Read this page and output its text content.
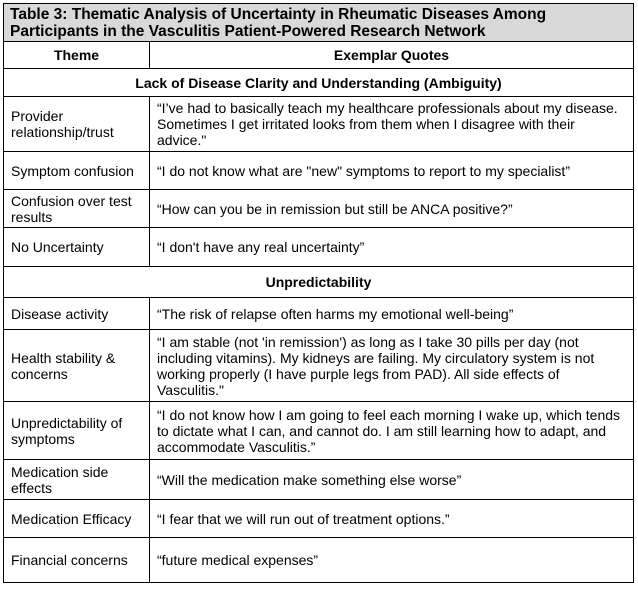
Table 3: Thematic Analysis of Uncertainty in Rheumatic Diseases Among Participants in the Vasculitis Patient-Powered Research Network	
Theme	Exemplar Quotes
Lack of Disease Clarity and Understanding (Ambiguity)	
Provider relationship/trust	“I’ve had to basically teach my healthcare professionals about my disease. Sometimes I get irritated looks from them when I disagree with their advice."
Symptom confusion	“I do not know what are "new" symptoms to report to my specialist”
Confusion over test results	“How can you be in remission but still be ANCA positive?”
No Uncertainty	“I don't have any real uncertainty”
Unpredictability	
Disease activity	“The risk of relapse often harms my emotional well-being”
Health stability & concerns	“I am stable (not 'in remission') as long as I take 30 pills per day (not including vitamins). My kidneys are failing. My circulatory system is not working properly (I have purple legs from PAD). All side effects of Vasculitis."
Unpredictability of symptoms	“I do not know how I am going to feel each morning I wake up, which tends to dictate what I can, and cannot do. I am still learning how to adapt, and accommodate Vasculitis.”
Medication side effects	“Will the medication make something else worse”
Medication Efficacy	“I fear that we will run out of treatment options.”
Financial concerns	“future medical expenses”
